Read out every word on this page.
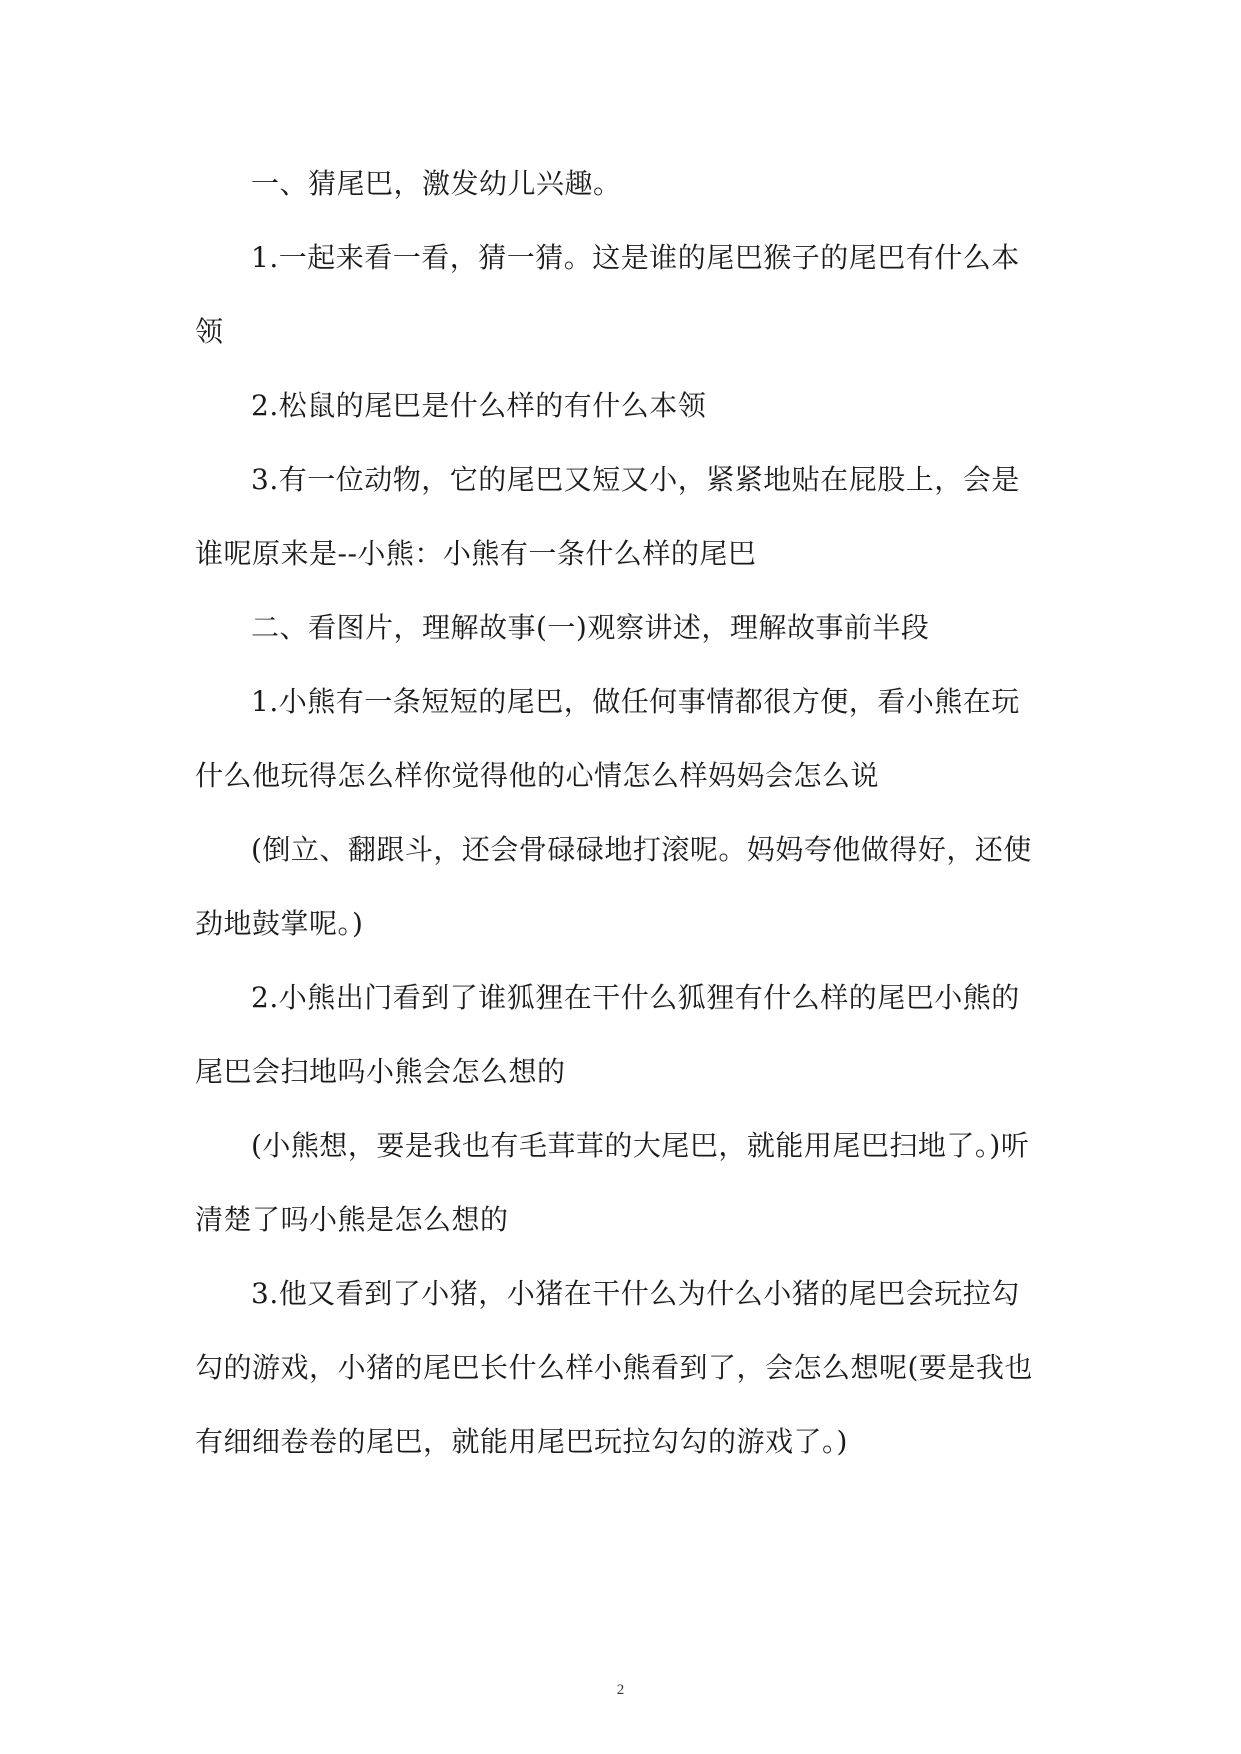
一、猜尾巴，激发幼儿兴趣。

1.一起来看一看，猜一猜。这是谁的尾巴猴子的尾巴有什么本领

2.松鼠的尾巴是什么样的有什么本领

3.有一位动物，它的尾巴又短又小，紧紧地贴在屁股上，会是谁呢原来是--小熊：小熊有一条什么样的尾巴

二、看图片，理解故事(一)观察讲述，理解故事前半段

1.小熊有一条短短的尾巴，做任何事情都很方便，看小熊在玩什么他玩得怎么样你觉得他的心情怎么样妈妈会怎么说

(倒立、翻跟斗，还会骨碌碌地打滚呢。妈妈夸他做得好，还使劲地鼓掌呢。)

2.小熊出门看到了谁狐狸在干什么狐狸有什么样的尾巴小熊的尾巴会扫地吗小熊会怎么想的

(小熊想，要是我也有毛茸茸的大尾巴，就能用尾巴扫地了。)听清楚了吗小熊是怎么想的

3.他又看到了小猪，小猪在干什么为什么小猪的尾巴会玩拉勾勾的游戏，小猪的尾巴长什么样小熊看到了，会怎么想呢(要是我也有细细卷卷的尾巴，就能用尾巴玩拉勾勾的游戏了。)

2
